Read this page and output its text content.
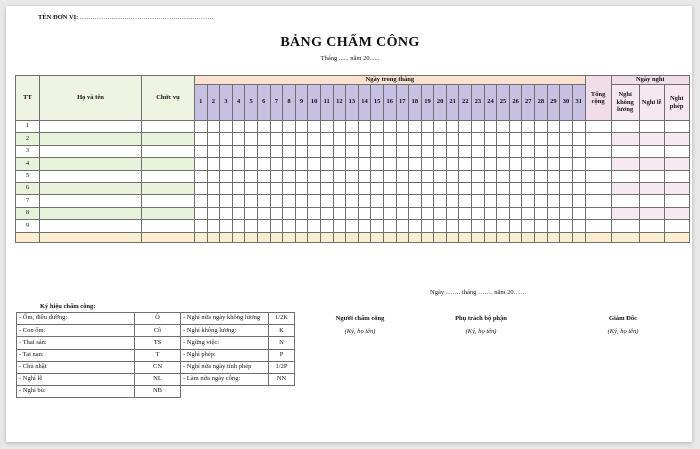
TÊN ĐƠN VỊ: ...............................................................
BẢNG CHẤM CÔNG
Tháng ...... năm 20......
TT	Họ và tên	Chức vụ	Ngày trong tháng																															Tổng cộng	Ngày nghỉ		
			1	2	3	4	5	6	7	8	9	10	11	12	13	14	15	16	17	18	19	20	21	22	23	24	25	26	27	28	29	30	31		Nghỉ không lương	Nghỉ lễ	Nghỉ phép
1																																					
2																																					
3																																					
4																																					
5																																					
6																																					
7																																					
8																																					
9																																					

Ký hiệu chấm công:
- Ốm, điều dưỡng:	Ô	- Nghỉ nửa ngày không lương	1/2K
- Con ốm:	Cô	- Nghỉ không lương:	K
- Thai sản:	TS	- Ngừng việc:	N
- Tai nạn:	T	- Nghỉ phép:	P
- Chủ nhật	CN	- Nghỉ nửa ngày tính phép	1/2P
- Nghỉ lễ	NL	- Làm nửa ngày công:	NN
- Nghỉ bù:	NB		
Ngày ……. tháng ……. năm 20……
Người chấm công
(Ký, họ tên)
Phụ trách bộ phận
(Ký, họ tên)
Giám Đốc
(Ký, họ tên)
